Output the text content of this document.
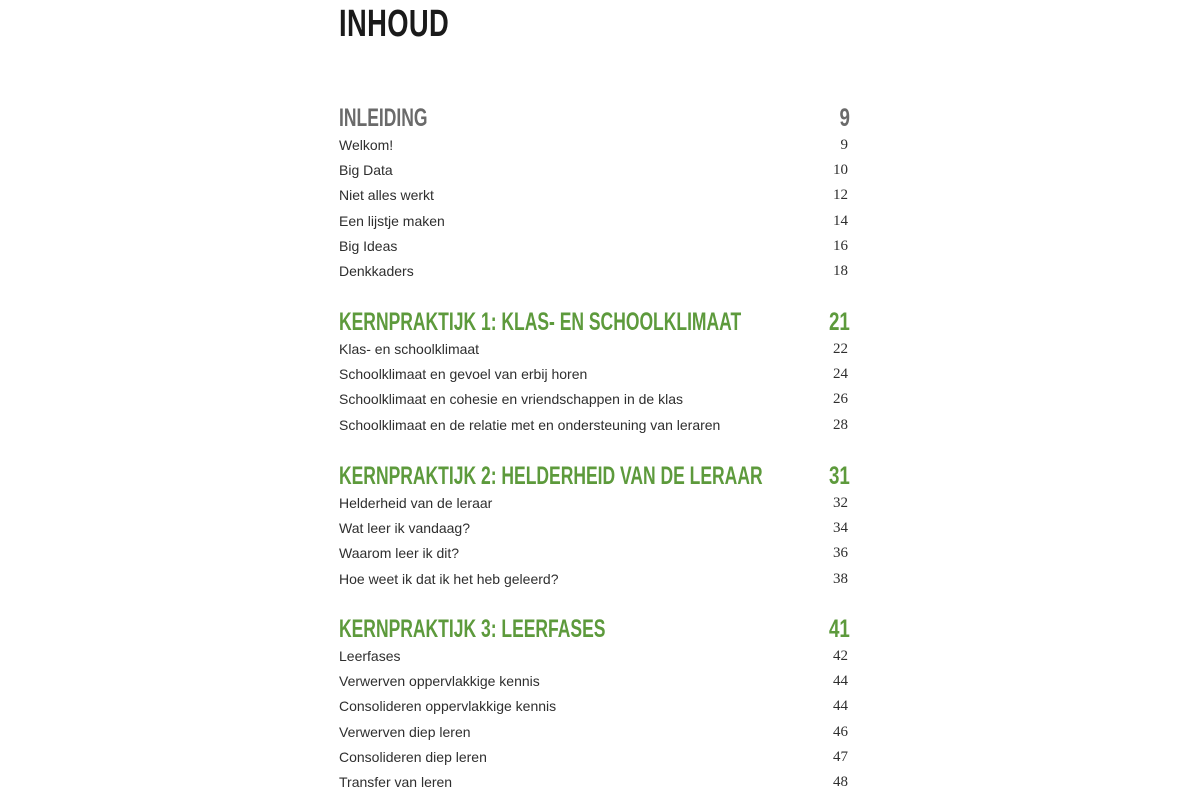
INHOUD
INLEIDING	9
Welkom!	9
Big Data	10
Niet alles werkt	12
Een lijstje maken	14
Big Ideas	16
Denkkaders	18
KERNPRAKTIJK 1: KLAS- EN SCHOOLKLIMAAT	21
Klas- en schoolklimaat	22
Schoolklimaat en gevoel van erbij horen	24
Schoolklimaat en cohesie en vriendschappen in de klas	26
Schoolklimaat en de relatie met en ondersteuning van leraren	28
KERNPRAKTIJK 2: HELDERHEID VAN DE LERAAR	31
Helderheid van de leraar	32
Wat leer ik vandaag?	34
Waarom leer ik dit?	36
Hoe weet ik dat ik het heb geleerd?	38
KERNPRAKTIJK 3: LEERFASES	41
Leerfases	42
Verwerven oppervlakkige kennis	44
Consolideren oppervlakkige kennis	44
Verwerven diep leren	46
Consolideren diep leren	47
Transfer van leren	48
